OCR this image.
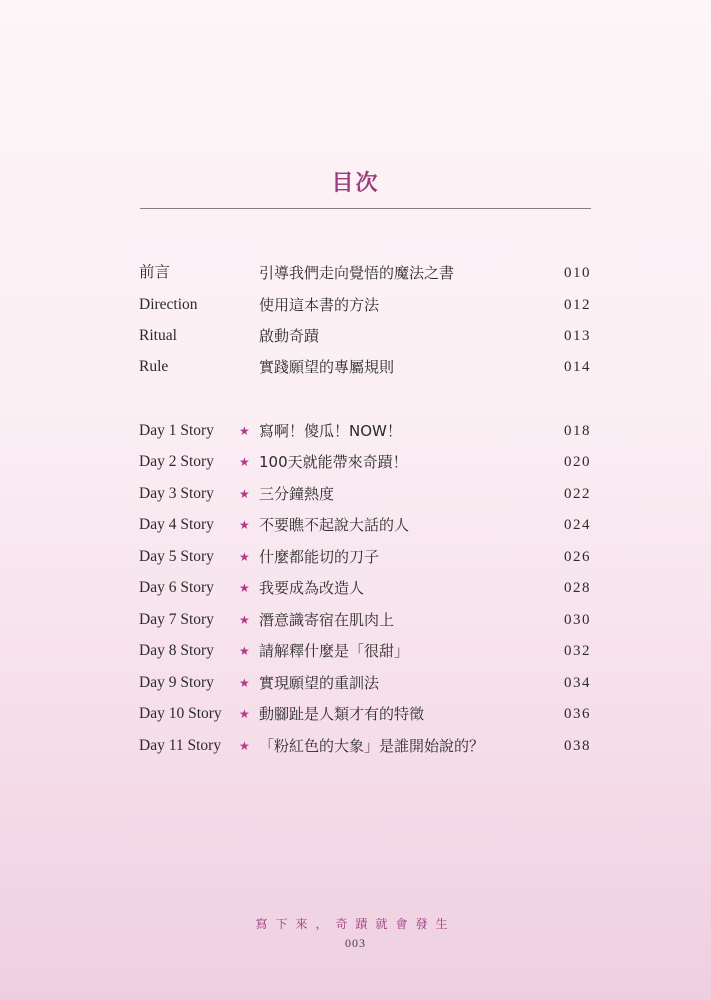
目次
前言	引導我們走向覺悟的魔法之書	010
Direction	使用這本書的方法	012
Ritual	啟動奇蹟	013
Rule	實踐願望的專屬規則	014
Day 1 Story ★ 寫啊！傻瓜！NOW！	018
Day 2 Story ★ 100天就能帶來奇蹟！	020
Day 3 Story ★ 三分鐘熱度	022
Day 4 Story ★ 不要瞧不起說大話的人	024
Day 5 Story ★ 什麼都能切的刀子	026
Day 6 Story ★ 我要成為改造人	028
Day 7 Story ★ 潛意識寄宿在肌肉上	030
Day 8 Story ★ 請解釋什麼是「很甜」	032
Day 9 Story ★ 實現願望的重訓法	034
Day 10 Story ★ 動腳趾是人類才有的特徵	036
Day 11 Story ★ 「粉紅色的大象」是誰開始說的？	038
寫下來，奇蹟就會發生
003
